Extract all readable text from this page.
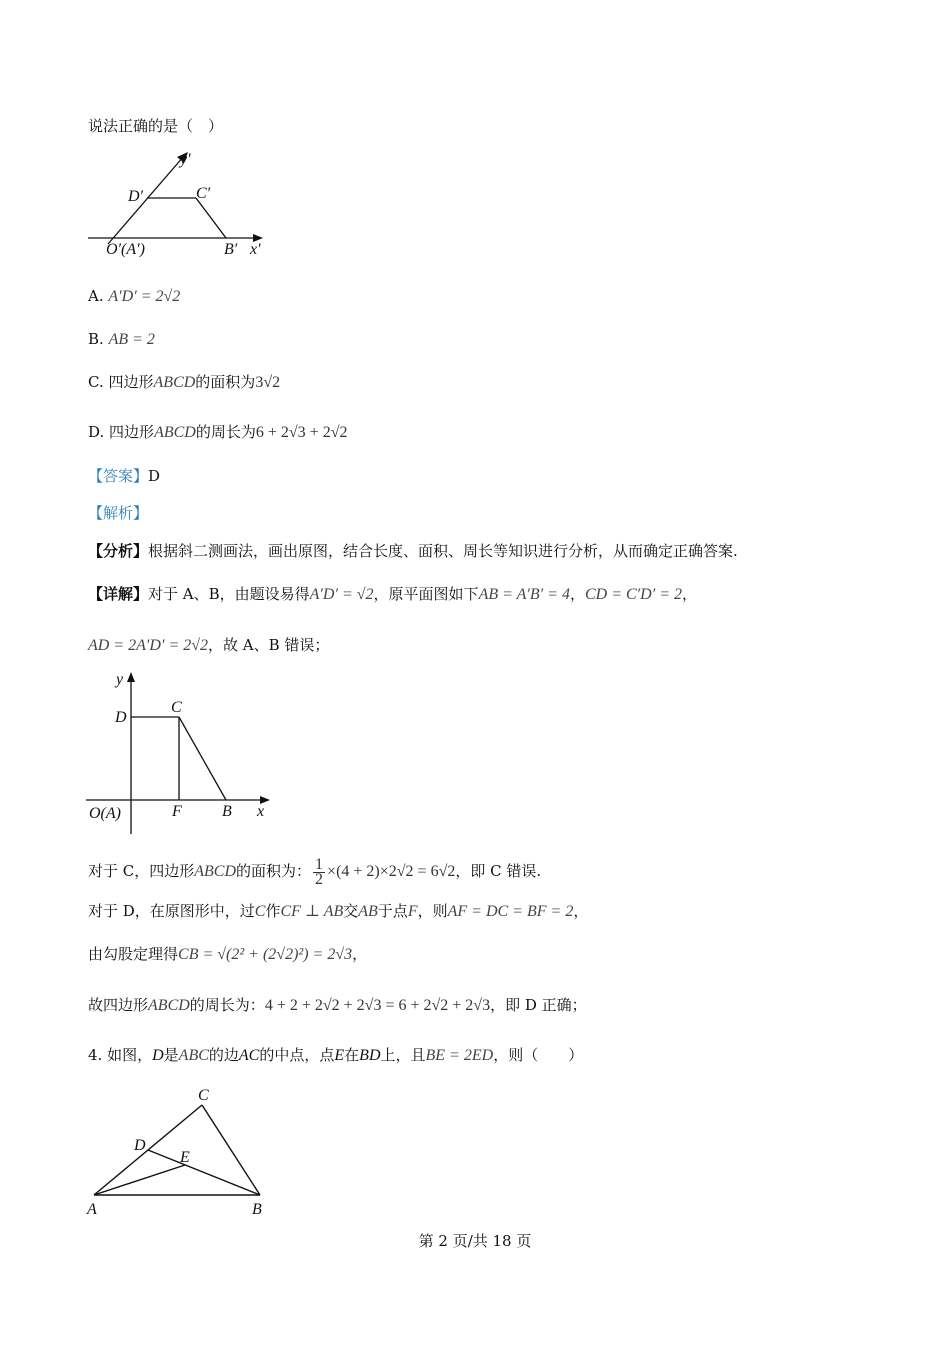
说法正确的是（　）
y′
x′
D′	C′
O′(A′)	B′
A. A′D′ = 2√2
B. AB = 2
C. 四边形ABCD的面积为3√2
D. 四边形ABCD的周长为6 + 2√3 + 2√2
【答案】D
【解析】
【分析】根据斜二测画法，画出原图，结合长度、面积、周长等知识进行分析，从而确定正确答案.
【详解】对于 A、B，由题设易得A′D′ = √2，原平面图如下AB = A′B′ = 4，CD = C′D′ = 2，
AD = 2A′D′ = 2√2，故 A、B 错误；
y
x
D
C
O(A)	F	B
对于 C，四边形ABCD的面积为： $\frac{1}{2} \times(4 + 2)\times 2√2 = 6√2$，即 C 错误.
对于 D，在原图形中，过C作CF ⊥ AB交AB于点F，则AF = DC = BF = 2，
由勾股定理得CB = √(2² + (2√2)²) = 2√3，
故四边形ABCD的周长为：4 + 2 + 2√2 + 2√3 = 6 + 2√2 + 2√3，即 D 正确；
4. 如图，D是ABC的边AC的中点，点E在BD上，且BE = 2ED，则（　　）
C
D
E
A	B
第 2 页/共 18 页
